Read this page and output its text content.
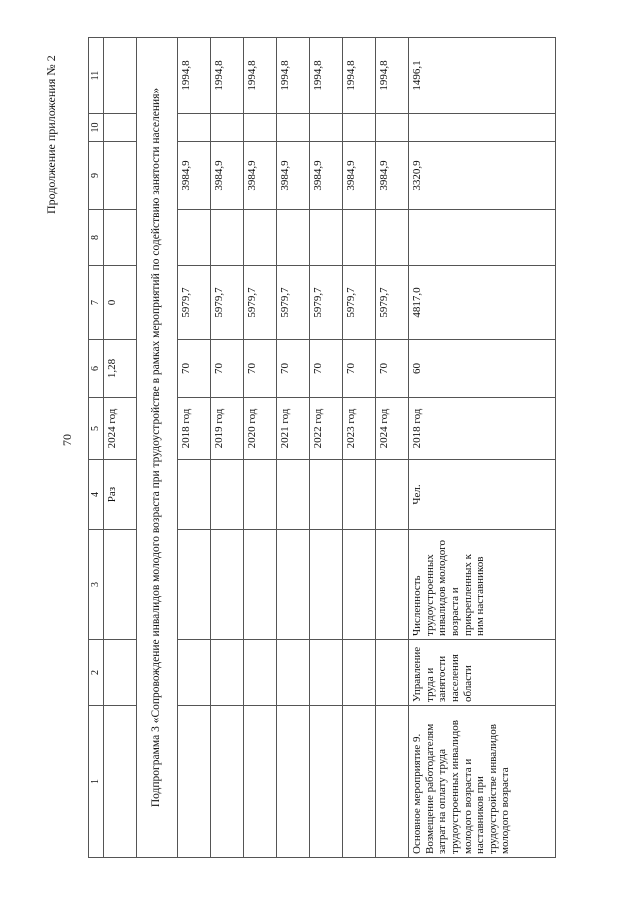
70
Продолжение приложения № 2
1	2	3	4	5	6	7	8	9	10	11
			Раз	2024 год	1,28	0				
Подпрограмма 3 «Сопровождение инвалидов молодого возраста при трудоустройстве в рамках мероприятий по содействию занятости населения»										
				2018 год	70	5979,7		3984,9		1994,8
				2019 год	70	5979,7		3984,9		1994,8
				2020 год	70	5979,7		3984,9		1994,8
				2021 год	70	5979,7		3984,9		1994,8
				2022 год	70	5979,7		3984,9		1994,8
				2023 год	70	5979,7		3984,9		1994,8
				2024 год	70	5979,7		3984,9		1994,8
Основное мероприятие 9. Возмещение работодателям затрат на оплату труда трудоустроенных инвалидов молодого возраста и наставников при трудоустройстве инвалидов молодого возраста	Управление труда и занятости населения области	Численность трудоустроенных инвалидов молодого возраста и прикрепленных к ним наставников	Чел.	2018 год	60	4817,0		3320,9		1496,1
